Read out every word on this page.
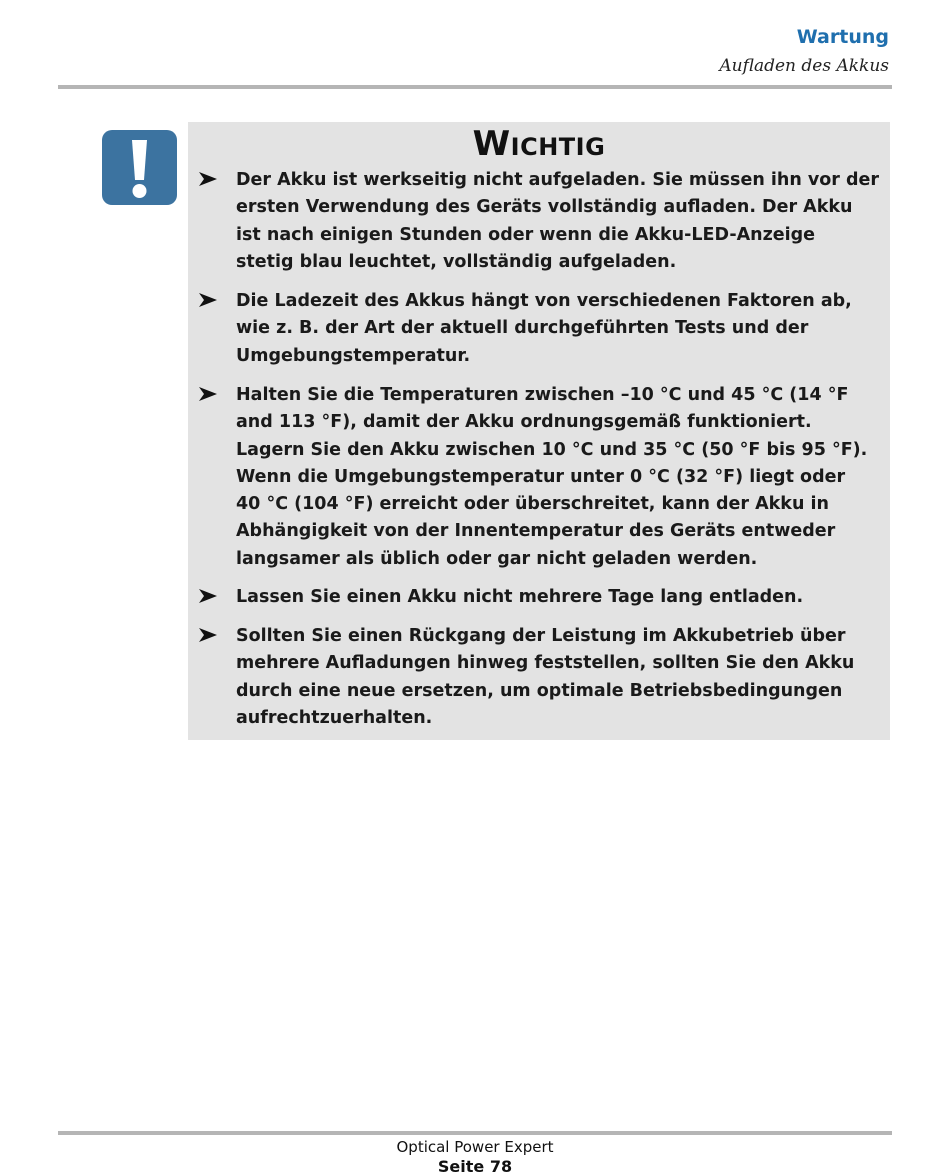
Wartung
Aufladen des Akkus
Wichtig
Der Akku ist werkseitig nicht aufgeladen. Sie müssen ihn vor der
ersten Verwendung des Geräts vollständig aufladen. Der Akku
ist nach einigen Stunden oder wenn die Akku-LED-Anzeige
stetig blau leuchtet, vollständig aufgeladen.
Die Ladezeit des Akkus hängt von verschiedenen Faktoren ab,
wie z. B. der Art der aktuell durchgeführten Tests und der
Umgebungstemperatur.
Halten Sie die Temperaturen zwischen –10 °C und 45 °C (14 °F
and 113 °F), damit der Akku ordnungsgemäß funktioniert.
Lagern Sie den Akku zwischen 10 °C und 35 °C (50 °F bis 95 °F).
Wenn die Umgebungstemperatur unter 0 °C (32 °F) liegt oder
40 °C (104 °F) erreicht oder überschreitet, kann der Akku in
Abhängigkeit von der Innentemperatur des Geräts entweder
langsamer als üblich oder gar nicht geladen werden.
Lassen Sie einen Akku nicht mehrere Tage lang entladen.
Sollten Sie einen Rückgang der Leistung im Akkubetrieb über
mehrere Aufladungen hinweg feststellen, sollten Sie den Akku
durch eine neue ersetzen, um optimale Betriebsbedingungen
aufrechtzuerhalten.
Optical Power Expert
Seite 78
